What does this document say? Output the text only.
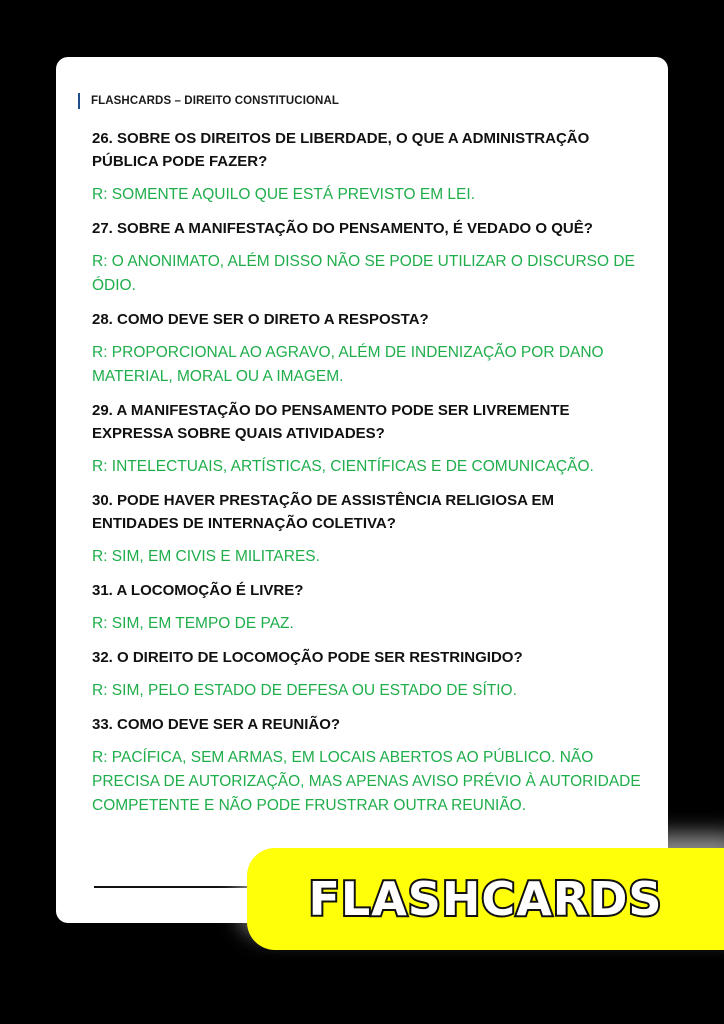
FLASHCARDS – DIREITO CONSTITUCIONAL

26. SOBRE OS DIREITOS DE LIBERDADE, O QUE A ADMINISTRAÇÃO PÚBLICA PODE FAZER?

R: SOMENTE AQUILO QUE ESTÁ PREVISTO EM LEI.

27. SOBRE A MANIFESTAÇÃO DO PENSAMENTO, É VEDADO O QUÊ?

R: O ANONIMATO, ALÉM DISSO NÃO SE PODE UTILIZAR O DISCURSO DE ÓDIO.

28. COMO DEVE SER O DIRETO A RESPOSTA?

R: PROPORCIONAL AO AGRAVO, ALÉM DE INDENIZAÇÃO POR DANO MATERIAL, MORAL OU A IMAGEM.

29. A MANIFESTAÇÃO DO PENSAMENTO PODE SER LIVREMENTE EXPRESSA SOBRE QUAIS ATIVIDADES?

R: INTELECTUAIS, ARTÍSTICAS, CIENTÍFICAS E DE COMUNICAÇÃO.

30. PODE HAVER PRESTAÇÃO DE ASSISTÊNCIA RELIGIOSA EM ENTIDADES DE INTERNAÇÃO COLETIVA?

R: SIM, EM CIVIS E MILITARES.

31. A LOCOMOÇÃO É LIVRE?

R: SIM, EM TEMPO DE PAZ.

32. O DIREITO DE LOCOMOÇÃO PODE SER RESTRINGIDO?

R: SIM, PELO ESTADO DE DEFESA OU ESTADO DE SÍTIO.

33. COMO DEVE SER A REUNIÃO?

R: PACÍFICA, SEM ARMAS, EM LOCAIS ABERTOS AO PÚBLICO. NÃO PRECISA DE AUTORIZAÇÃO, MAS APENAS AVISO PRÉVIO À AUTORIDADE COMPETENTE E NÃO PODE FRUSTRAR OUTRA REUNIÃO.

FLASHCARDS
